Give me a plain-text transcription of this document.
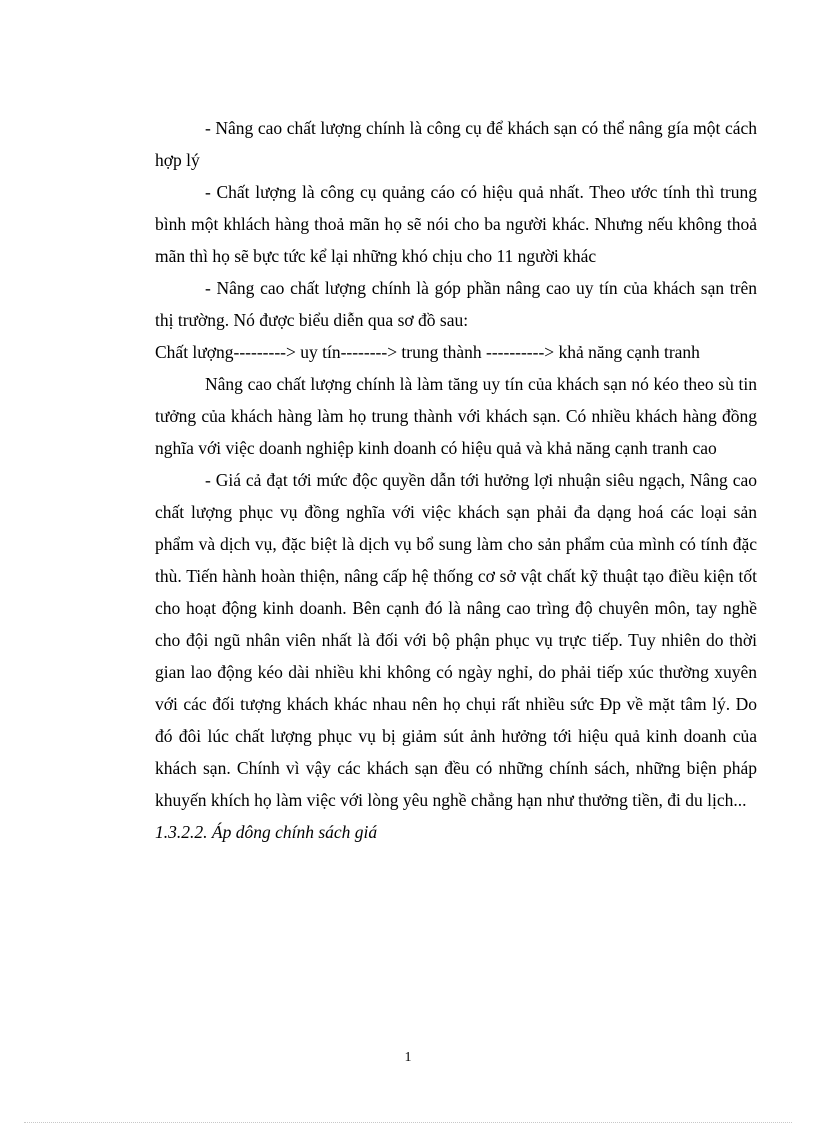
- Nâng cao chất lượng chính là công cụ để khách sạn có thể nâng gía một cách hợp lý

- Chất lượng là công cụ quảng cáo có hiệu quả nhất. Theo ước tính thì trung bình một khlách hàng thoả mãn họ sẽ nói cho ba người khác. Nhưng nếu không thoả mãn thì họ sẽ bực tức kể lại những khó chịu cho 11 người khác

- Nâng cao chất lượng chính là góp phần nâng cao uy tín của khách sạn trên thị trường. Nó được biểu diễn qua sơ đồ sau:

Chất lượng---------> uy tín--------> trung thành ----------> khả năng cạnh tranh

Nâng cao chất lượng chính là làm tăng uy tín của khách sạn nó kéo theo sù tin tưởng của khách hàng làm họ trung thành với khách sạn. Có nhiều khách hàng đồng nghĩa với việc doanh nghiệp kinh doanh có hiệu quả và khả năng cạnh tranh cao

- Giá cả đạt tới mức độc quyền dẫn tới hưởng lợi nhuận siêu ngạch, Nâng cao chất lượng phục vụ đồng nghĩa với việc khách sạn phải đa dạng hoá các loại sản phẩm và dịch vụ, đặc biệt là dịch vụ bổ sung làm cho sản phẩm của mình có tính đặc thù. Tiến hành hoàn thiện, nâng cấp hệ thống cơ sở vật chất kỹ thuật tạo điều kiện tốt cho hoạt động kinh doanh. Bên cạnh đó là nâng cao trìng độ chuyên môn, tay nghề cho đội ngũ nhân viên nhất là đối với bộ phận phục vụ trực tiếp. Tuy nhiên do thời gian lao động kéo dài nhiều khi không có ngày nghỉ, do phải tiếp xúc thường xuyên với các đối tượng khách khác nhau nên họ chụi rất nhiều sức Đp về mặt tâm lý. Do đó đôi lúc chất lượng phục vụ bị giảm sút ảnh hưởng tới hiệu quả kinh doanh của khách sạn. Chính vì vậy các khách sạn đều có những chính sách, những biện pháp khuyến khích họ làm việc với lòng yêu nghề chẳng hạn như thưởng tiền, đi du lịch...

1.3.2.2. Áp dông chính sách giá

1
